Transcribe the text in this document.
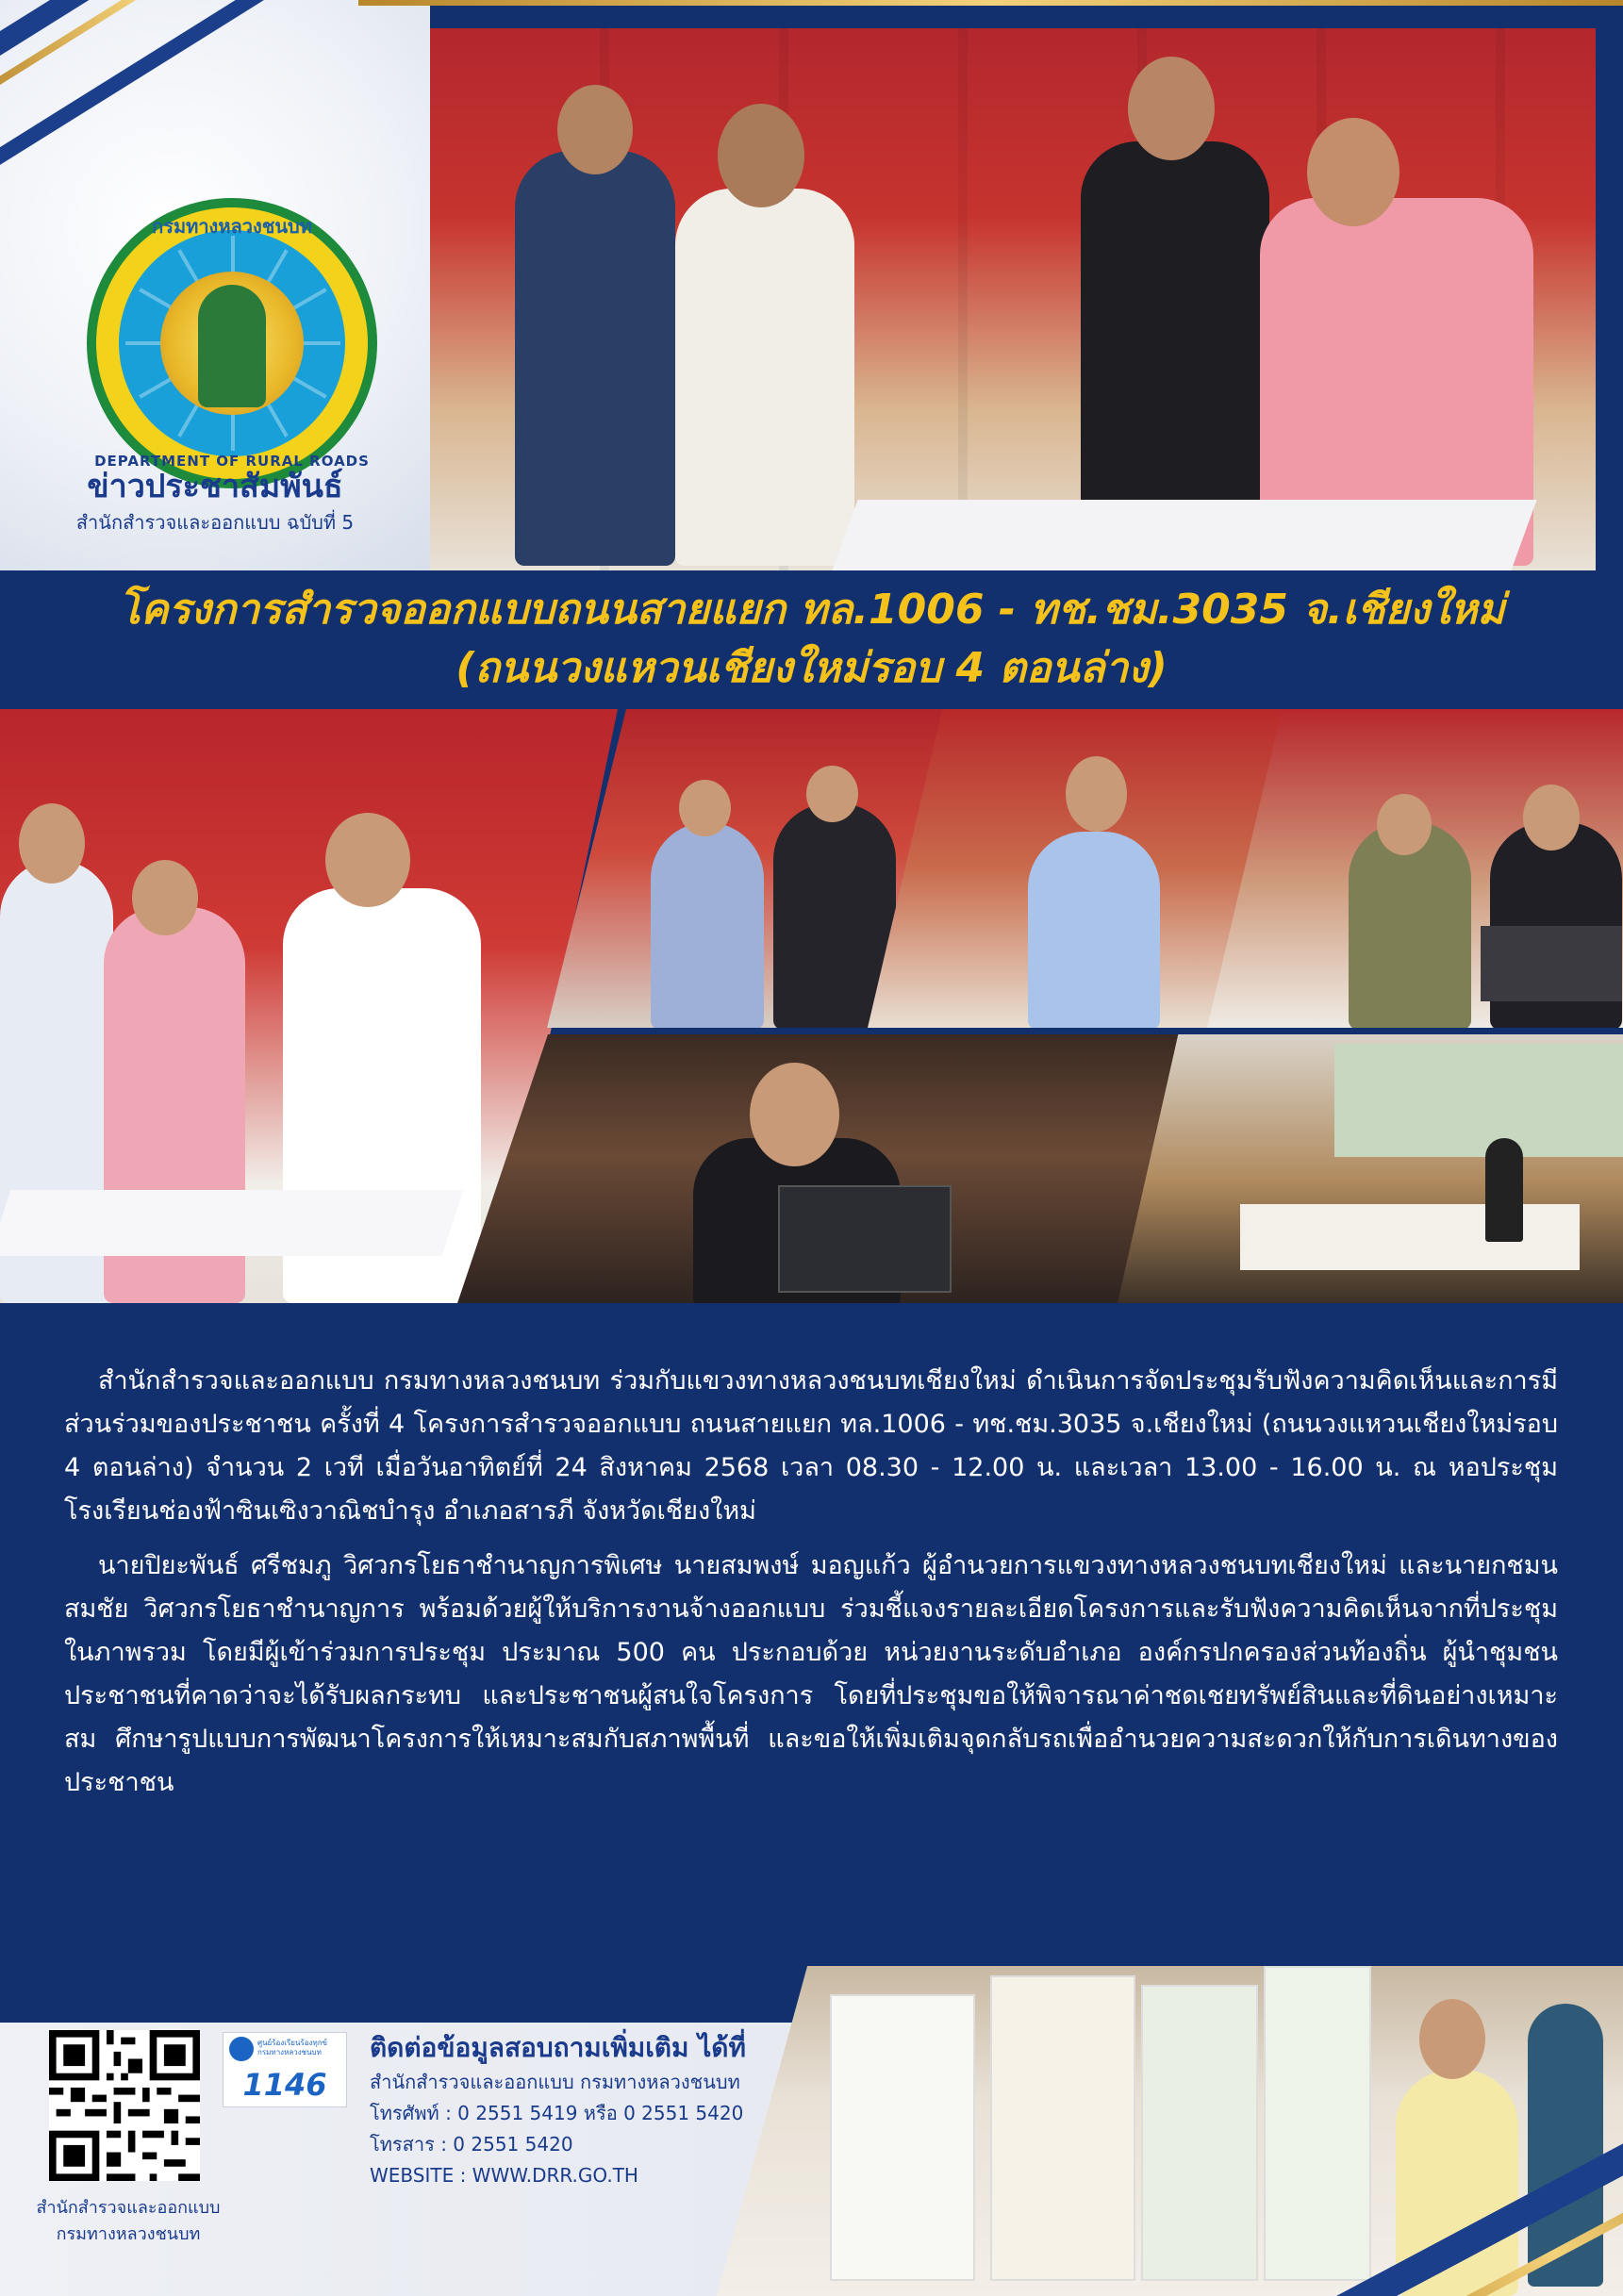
กรมทางหลวงชนบท
DEPARTMENT OF RURAL ROADS
ข่าวประชาสัมพันธ์
สำนักสำรวจและออกแบบ ฉบับที่ 5
โครงการสำรวจออกแบบถนนสายแยก ทล.1006 - ทช.ชม.3035 จ.เชียงใหม่
(ถนนวงแหวนเชียงใหม่รอบ 4 ตอนล่าง)

สำนักสำรวจและออกแบบ กรมทางหลวงชนบท ร่วมกับแขวงทางหลวงชนบทเชียงใหม่ ดำเนินการจัดประชุมรับฟังความคิดเห็นและการมีส่วนร่วมของประชาชน ครั้งที่ 4 โครงการสำรวจออกแบบ ถนนสายแยก ทล.1006 - ทช.ชม.3035 จ.เชียงใหม่ (ถนนวงแหวนเชียงใหม่รอบ 4 ตอนล่าง) จำนวน 2 เวที เมื่อวันอาทิตย์ที่ 24 สิงหาคม 2568 เวลา 08.30 - 12.00 น. และเวลา 13.00 - 16.00 น. ณ หอประชุมโรงเรียนช่องฟ้าซินเซิงวาณิชบำรุง อำเภอสารภี จังหวัดเชียงใหม่

นายปิยะพันธ์ ศรีชมภู วิศวกรโยธาชำนาญการพิเศษ นายสมพงษ์ มอญแก้ว ผู้อำนวยการแขวงทางหลวงชนบทเชียงใหม่ และนายกชมน สมชัย วิศวกรโยธาชำนาญการ พร้อมด้วยผู้ให้บริการงานจ้างออกแบบ ร่วมชี้แจงรายละเอียดโครงการและรับฟังความคิดเห็นจากที่ประชุมในภาพรวม โดยมีผู้เข้าร่วมการประชุม ประมาณ 500 คน ประกอบด้วย หน่วยงานระดับอำเภอ องค์กรปกครองส่วนท้องถิ่น ผู้นำชุมชน ประชาชนที่คาดว่าจะได้รับผลกระทบ และประชาชนผู้สนใจโครงการ โดยที่ประชุมขอให้พิจารณาค่าชดเชยทรัพย์สินและที่ดินอย่างเหมาะสม ศึกษารูปแบบการพัฒนาโครงการให้เหมาะสมกับสภาพพื้นที่ และขอให้เพิ่มเติมจุดกลับรถเพื่ออำนวยความสะดวกให้กับการเดินทางของประชาชน

สำนักสำรวจและออกแบบ
กรมทางหลวงชนบท
ศูนย์ร้องเรียนร้องทุกข์ กรมทางหลวงชนบท
1146
ติดต่อข้อมูลสอบถามเพิ่มเติม ได้ที่
สำนักสำรวจและออกแบบ กรมทางหลวงชนบท
โทรศัพท์ : 0 2551 5419 หรือ 0 2551 5420
โทรสาร : 0 2551 5420
WEBSITE : WWW.DRR.GO.TH
